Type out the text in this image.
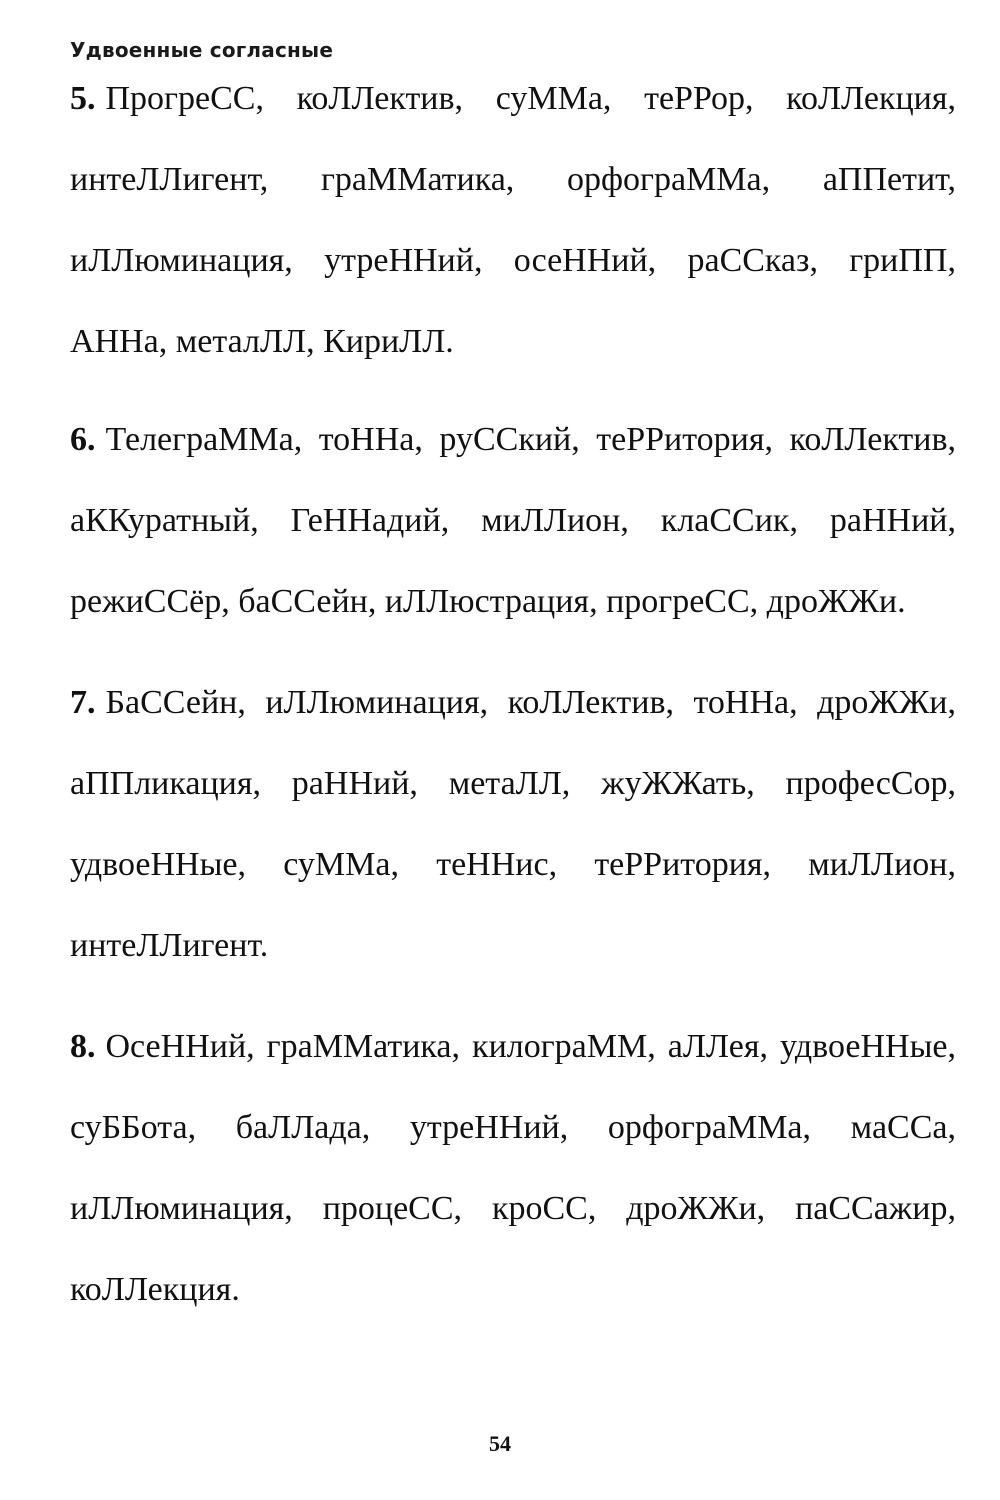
Удвоенные согласные

5. ПрогреСС, коЛЛектив, суММа, теРРор, коЛЛекция, интеЛЛигент, граММатика, орфограММа, аППетит, иЛЛюминация, утреННий, осеННий, раССказ, гриПП, АННа, металЛЛ, КириЛЛ.

6. ТелеграММа, тоННа, руССкий, теРРитория, коЛЛектив, аККуратный, ГеННадий, миЛЛион, клаССик, раННий, режиССёр, баССейн, иЛЛюстрация, прогреСС, дроЖЖи.

7. БаССейн, иЛЛюминация, коЛЛектив, тоННа, дроЖЖи, аППликация, раННий, метаЛЛ, жуЖЖать, професСор, удвоеННые, суММа, теННис, теРРитория, миЛЛион, интеЛЛигент.

8. ОсеННий, граММатика, килограММ, аЛЛея, удвоеННые, суББота, баЛЛада, утреННий, орфограММа, маССа, иЛЛюминация, процеСС, кроСС, дроЖЖи, паССажир, коЛЛекция.

54
